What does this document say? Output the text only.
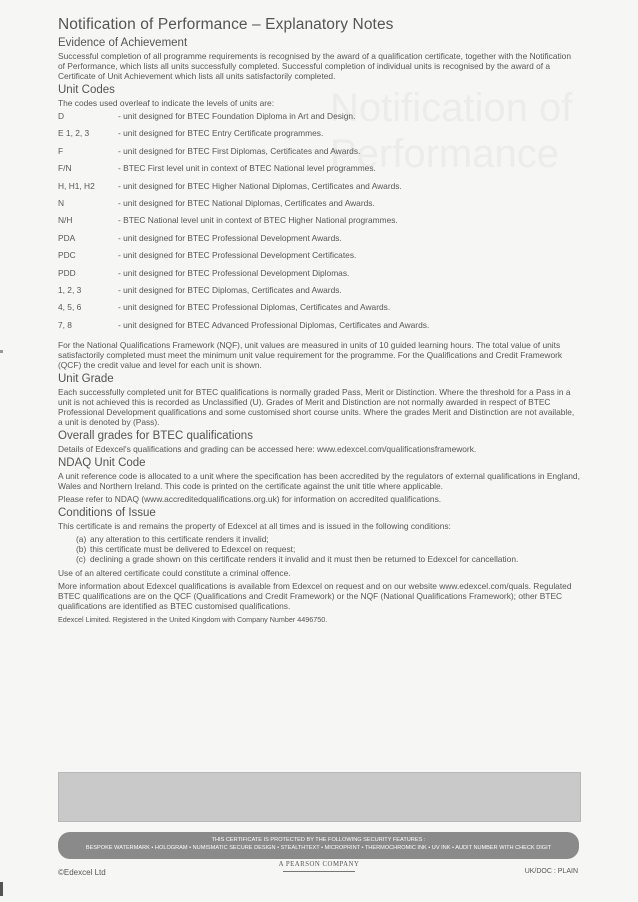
Notification of Performance
Notification of Performance – Explanatory Notes
Evidence of Achievement

Successful completion of all programme requirements is recognised by the award of a qualification certificate, together with the Notification of Performance, which lists all units successfully completed. Successful completion of individual units is recognised by the award of a Certificate of Unit Achievement which lists all units satisfactorily completed.

Unit Codes

The codes used overleaf to indicate the levels of units are:

D	- unit designed for BTEC Foundation Diploma in Art and Design.
E 1, 2, 3	- unit designed for BTEC Entry Certificate programmes.
F	- unit designed for BTEC First Diplomas, Certificates and Awards.
F/N	- BTEC First level unit in context of BTEC National level programmes.
H, H1, H2	- unit designed for BTEC Higher National Diplomas, Certificates and Awards.
N	- unit designed for BTEC National Diplomas, Certificates and Awards.
N/H	- BTEC National level unit in context of BTEC Higher National programmes.
PDA	- unit designed for BTEC Professional Development Awards.
PDC	- unit designed for BTEC Professional Development Certificates.
PDD	- unit designed for BTEC Professional Development Diplomas.
1, 2, 3	- unit designed for BTEC Diplomas, Certificates and Awards.
4, 5, 6	- unit designed for BTEC Professional Diplomas, Certificates and Awards.
7, 8	- unit designed for BTEC Advanced Professional Diplomas, Certificates and Awards.

For the National Qualifications Framework (NQF), unit values are measured in units of 10 guided learning hours. The total value of units satisfactorily completed must meet the minimum unit value requirement for the programme. For the Qualifications and Credit Framework (QCF) the credit value and level for each unit is shown.

Unit Grade

Each successfully completed unit for BTEC qualifications is normally graded Pass, Merit or Distinction. Where the threshold for a Pass in a unit is not achieved this is recorded as Unclassified (U). Grades of Merit and Distinction are not normally awarded in respect of BTEC Professional Development qualifications and some customised short course units. Where the grades Merit and Distinction are not available, a unit is denoted by (Pass).

Overall grades for BTEC qualifications

Details of Edexcel's qualifications and grading can be accessed here: www.edexcel.com/qualificationsframework.

NDAQ Unit Code

A unit reference code is allocated to a unit where the specification has been accredited by the regulators of external qualifications in England, Wales and Northern Ireland. This code is printed on the certificate against the unit title where applicable.

Please refer to NDAQ (www.accreditedqualifications.org.uk) for information on accredited qualifications.

Conditions of Issue

This certificate is and remains the property of Edexcel at all times and is issued in the following conditions:

(a) any alteration to this certificate renders it invalid;
(b) this certificate must be delivered to Edexcel on request;
(c) declining a grade shown on this certificate renders it invalid and it must then be returned to Edexcel for cancellation.

Use of an altered certificate could constitute a criminal offence.

More information about Edexcel qualifications is available from Edexcel on request and on our website www.edexcel.com/quals. Regulated BTEC qualifications are on the QCF (Qualifications and Credit Framework) or the NQF (National Qualifications Framework); other BTEC qualifications are identified as BTEC customised qualifications.

Edexcel Limited. Registered in the United Kingdom with Company Number 4496750.

THIS CERTIFICATE IS PROTECTED BY THE FOLLOWING SECURITY FEATURES :
BESPOKE WATERMARK • HOLOGRAM • NUMISMATIC SECURE DESIGN • STEALTHTEXT • MICROPRINT • THERMOCHROMIC INK • UV INK • AUDIT NUMBER WITH CHECK DIGIT
A PEARSON COMPANY
©Edexcel Ltd	UK/DOC : PLAIN
